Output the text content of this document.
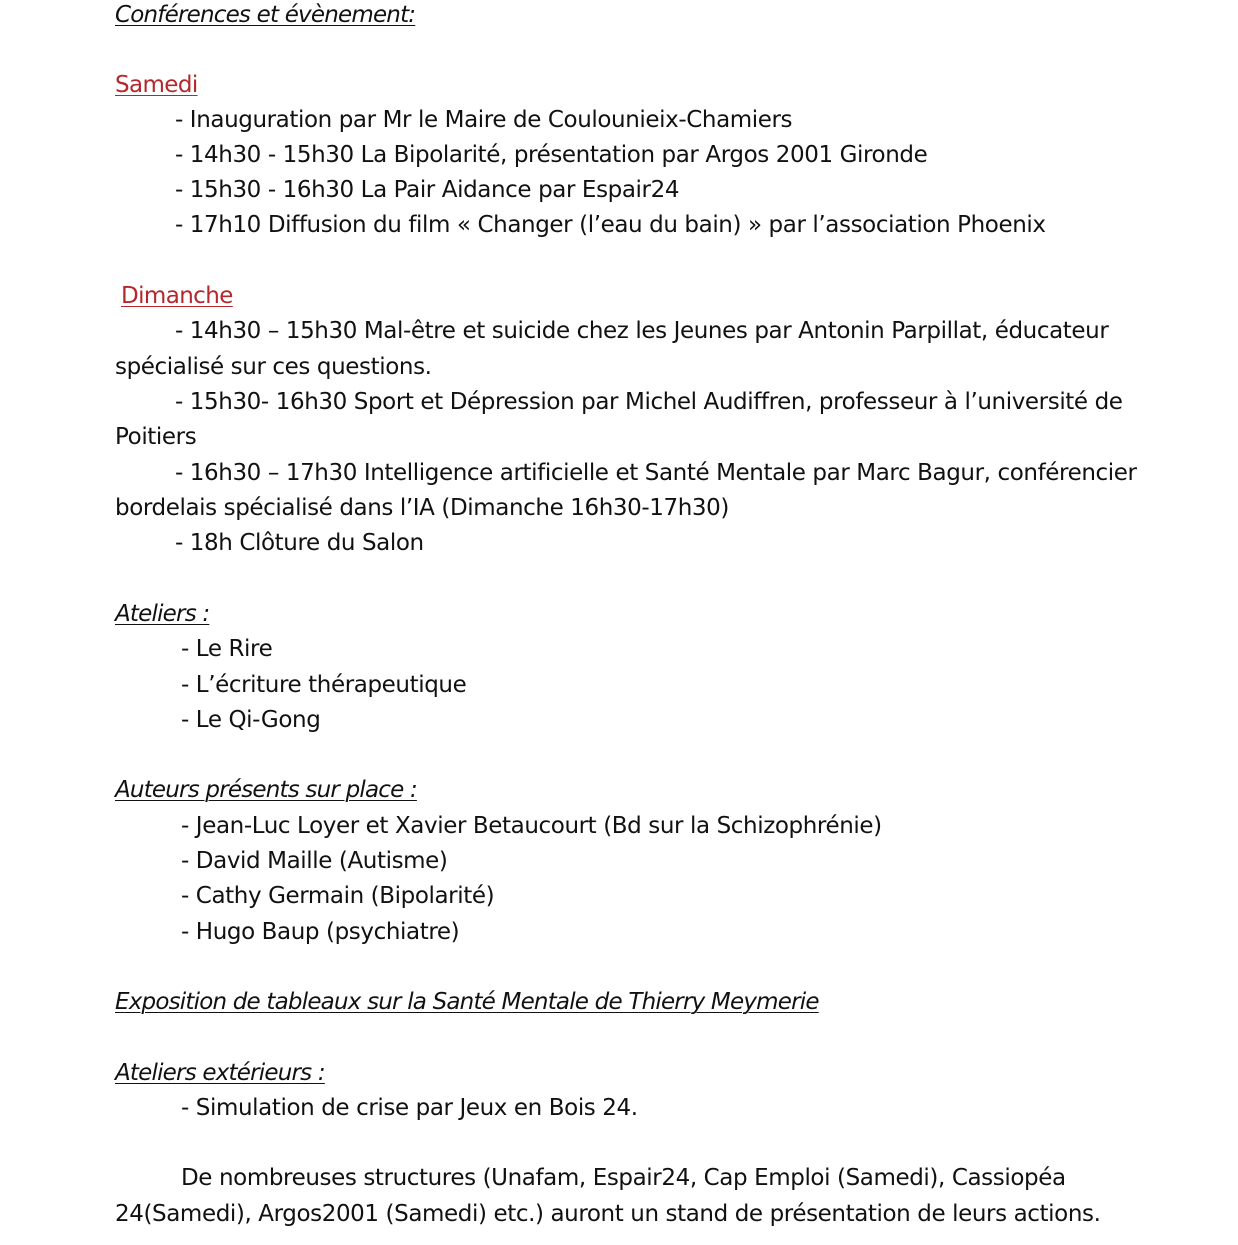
Conférences et évènement:
Samedi
- Inauguration par Mr le Maire de Coulounieix-Chamiers
- 14h30 - 15h30 La Bipolarité, présentation par Argos 2001 Gironde
- 15h30 - 16h30 La Pair Aidance par Espair24
- 17h10 Diffusion du film « Changer (l’eau du bain) » par l’association Phoenix
Dimanche
- 14h30 – 15h30 Mal-être et suicide chez les Jeunes par Antonin Parpillat, éducateur
spécialisé sur ces questions.
- 15h30- 16h30 Sport et Dépression par Michel Audiffren, professeur à l’université de
Poitiers
- 16h30 – 17h30 Intelligence artificielle et Santé Mentale par Marc Bagur, conférencier
bordelais spécialisé dans l’IA (Dimanche 16h30-17h30)
- 18h Clôture du Salon
Ateliers :
- Le Rire
- L’écriture thérapeutique
- Le Qi-Gong
Auteurs présents sur place :
- Jean-Luc Loyer et Xavier Betaucourt (Bd sur la Schizophrénie)
- David Maille (Autisme)
- Cathy Germain (Bipolarité)
- Hugo Baup (psychiatre)
Exposition de tableaux sur la Santé Mentale de Thierry Meymerie
Ateliers extérieurs :
- Simulation de crise par Jeux en Bois 24.
De nombreuses structures (Unafam, Espair24, Cap Emploi (Samedi), Cassiopéa
24(Samedi), Argos2001 (Samedi) etc.) auront un stand de présentation de leurs actions.
